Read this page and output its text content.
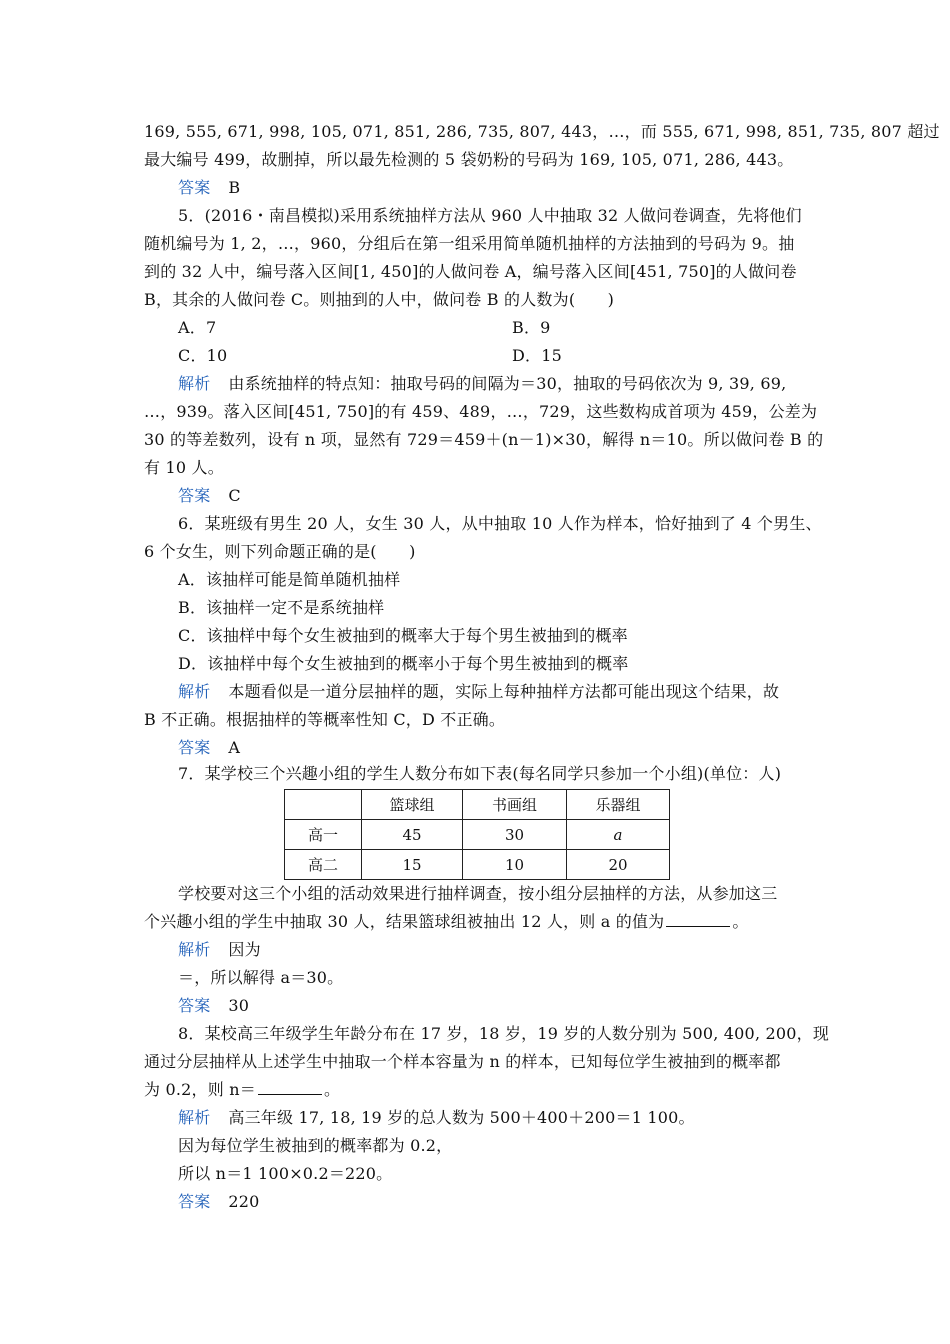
169, 555, 671, 998, 105, 071, 851, 286, 735, 807, 443，…，而 555, 671, 998, 851, 735, 807 超过
最大编号 499，故删掉，所以最先检测的 5 袋奶粉的号码为 169, 105, 071, 286, 443。
答案 B
5．(2016・南昌模拟)采用系统抽样方法从 960 人中抽取 32 人做问卷调查，先将他们
随机编号为 1, 2，…，960，分组后在第一组采用简单随机抽样的方法抽到的号码为 9。抽
到的 32 人中，编号落入区间[1, 450]的人做问卷 A，编号落入区间[451, 750]的人做问卷
B，其余的人做问卷 C。则抽到的人中，做问卷 B 的人数为(　　)
A．7	B．9
C．10	D．15
解析 由系统抽样的特点知：抽取号码的间隔为＝30，抽取的号码依次为 9, 39, 69,
…，939。落入区间[451, 750]的有 459、489，…，729，这些数构成首项为 459，公差为
30 的等差数列，设有 n 项，显然有 729＝459＋(n－1)×30，解得 n＝10。所以做问卷 B 的
有 10 人。
答案 C
6．某班级有男生 20 人，女生 30 人，从中抽取 10 人作为样本，恰好抽到了 4 个男生、
6 个女生，则下列命题正确的是(　　)
A．该抽样可能是简单随机抽样
B．该抽样一定不是系统抽样
C．该抽样中每个女生被抽到的概率大于每个男生被抽到的概率
D．该抽样中每个女生被抽到的概率小于每个男生被抽到的概率
解析 本题看似是一道分层抽样的题，实际上每种抽样方法都可能出现这个结果，故
B 不正确。根据抽样的等概率性知 C，D 不正确。
答案 A
7．某学校三个兴趣小组的学生人数分布如下表(每名同学只参加一个小组)(单位：人)
	篮球组	书画组	乐器组
高一	45	30	a
高二	15	10	20
学校要对这三个小组的活动效果进行抽样调查，按小组分层抽样的方法，从参加这三
个兴趣小组的学生中抽取 30 人，结果篮球组被抽出 12 人，则 a 的值为	。
解析 因为
＝，所以解得 a＝30。
答案 30
8．某校高三年级学生年龄分布在 17 岁，18 岁，19 岁的人数分别为 500, 400, 200，现
通过分层抽样从上述学生中抽取一个样本容量为 n 的样本，已知每位学生被抽到的概率都
为 0.2，则 n＝	。
解析 高三年级 17, 18, 19 岁的总人数为 500＋400＋200＝1 100。
因为每位学生被抽到的概率都为 0.2，
所以 n＝1 100×0.2＝220。
答案 220
